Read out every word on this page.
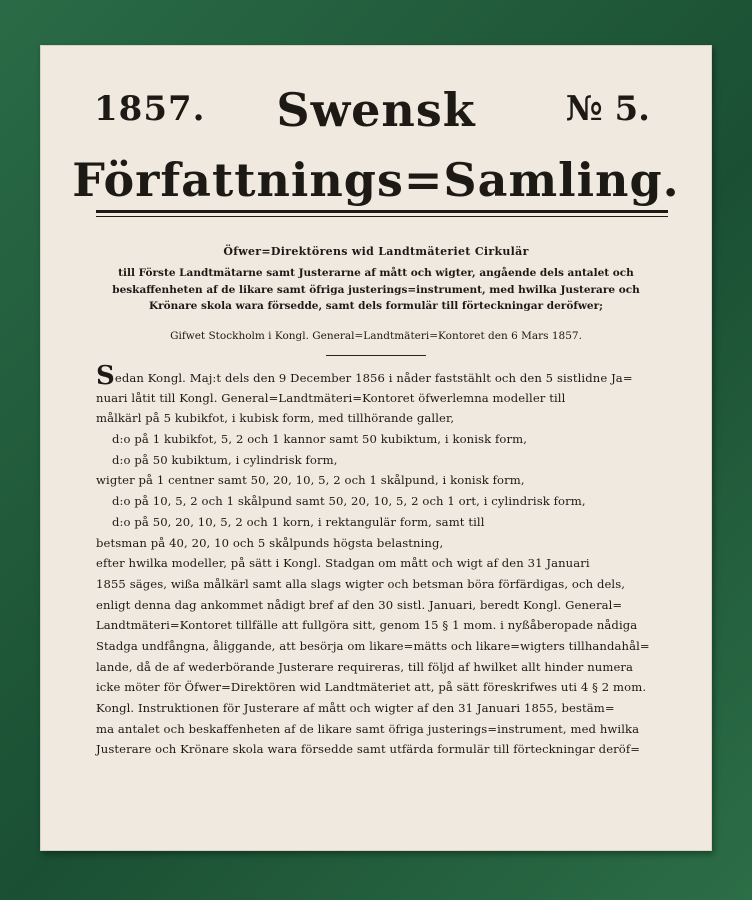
1857.	Swensk	№ 5.
Författnings=Samling.
Öfwer=Direktörens wid Landtmäteriet Cirkulär
till Förste Landtmätarne samt Justerarne af mått och wigter, angående dels antalet och beskaffenheten af de likare samt öfriga justerings=instrument, med hwilka Justerare och Krönare skola wara försedde, samt dels formulär till förteckningar deröfwer;
Gifwet Stockholm i Kongl. General=Landtmäteri=Kontoret den 6 Mars 1857.
Sedan Kongl. Maj:t dels den 9 December 1856 i nåder faststählt och den 5 sistlidne Ja=
nuari låtit till Kongl. General=Landtmäteri=Kontoret öfwerlemna modeller till
målkärl på 5 kubikfot, i kubisk form, med tillhörande galler,
d:o på 1 kubikfot, 5, 2 och 1 kannor samt 50 kubiktum, i konisk form,
d:o på 50 kubiktum, i cylindrisk form,
wigter på 1 centner samt 50, 20, 10, 5, 2 och 1 skålpund, i konisk form,
d:o på 10, 5, 2 och 1 skålpund samt 50, 20, 10, 5, 2 och 1 ort, i cylindrisk form,
d:o på 50, 20, 10, 5, 2 och 1 korn, i rektangulär form, samt till
betsman på 40, 20, 10 och 5 skålpunds högsta belastning,
efter hwilka modeller, på sätt i Kongl. Stadgan om mått och wigt af den 31 Januari
1855 säges, wißa målkärl samt alla slags wigter och betsman böra förfärdigas, och dels,
enligt denna dag ankommet nådigt bref af den 30 sistl. Januari, beredt Kongl. General=
Landtmäteri=Kontoret tillfälle att fullgöra sitt, genom 15 § 1 mom. i nyßåberopade nådiga
Stadga undfångna, åliggande, att besörja om likare=mätts och likare=wigters tillhandahål=
lande, då de af wederbörande Justerare requireras, till följd af hwilket allt hinder numera
icke möter för Öfwer=Direktören wid Landtmäteriet att, på sätt föreskrifwes uti 4 § 2 mom.
Kongl. Instruktionen för Justerare af mått och wigter af den 31 Januari 1855, bestäm=
ma antalet och beskaffenheten af de likare samt öfriga justerings=instrument, med hwilka
Justerare och Krönare skola wara försedde samt utfärda formulär till förteckningar deröf=
